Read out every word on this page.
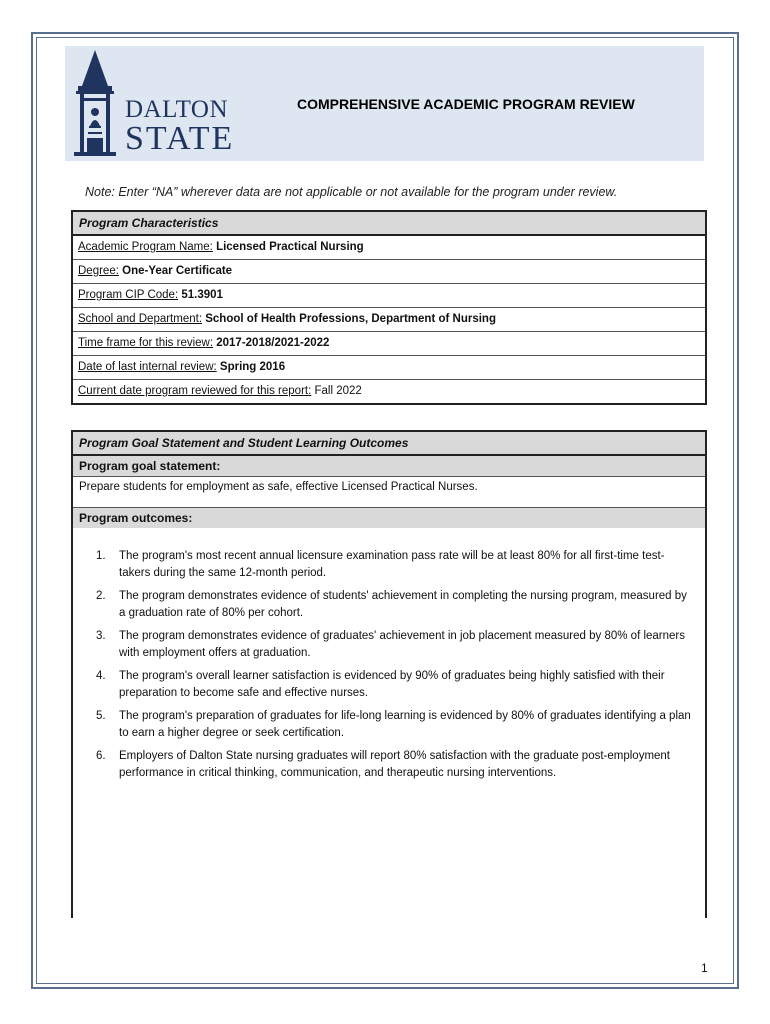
DALTON
STATE
COMPREHENSIVE ACADEMIC PROGRAM REVIEW
Note: Enter “NA” wherever data are not applicable or not available for the program under review.
Program Characteristics
Academic Program Name: Licensed Practical Nursing
Degree: One-Year Certificate
Program CIP Code: 51.3901
School and Department: School of Health Professions, Department of Nursing
Time frame for this review: 2017-2018/2021-2022
Date of last internal review: Spring 2016
Current date program reviewed for this report: Fall 2022
Program Goal Statement and Student Learning Outcomes
Program goal statement:
Prepare students for employment as safe, effective Licensed Practical Nurses.
Program outcomes:
1. The program's most recent annual licensure examination pass rate will be at least 80% for all first-time test-takers during the same 12-month period.
2. The program demonstrates evidence of students' achievement in completing the nursing program, measured by a graduation rate of 80% per cohort.
3. The program demonstrates evidence of graduates' achievement in job placement measured by 80% of learners with employment offers at graduation.
4. The program's overall learner satisfaction is evidenced by 90% of graduates being highly satisfied with their preparation to become safe and effective nurses.
5. The program's preparation of graduates for life-long learning is evidenced by 80% of graduates identifying a plan to earn a higher degree or seek certification.
6. Employers of Dalton State nursing graduates will report 80% satisfaction with the graduate post-employment performance in critical thinking, communication, and therapeutic nursing interventions.
1
